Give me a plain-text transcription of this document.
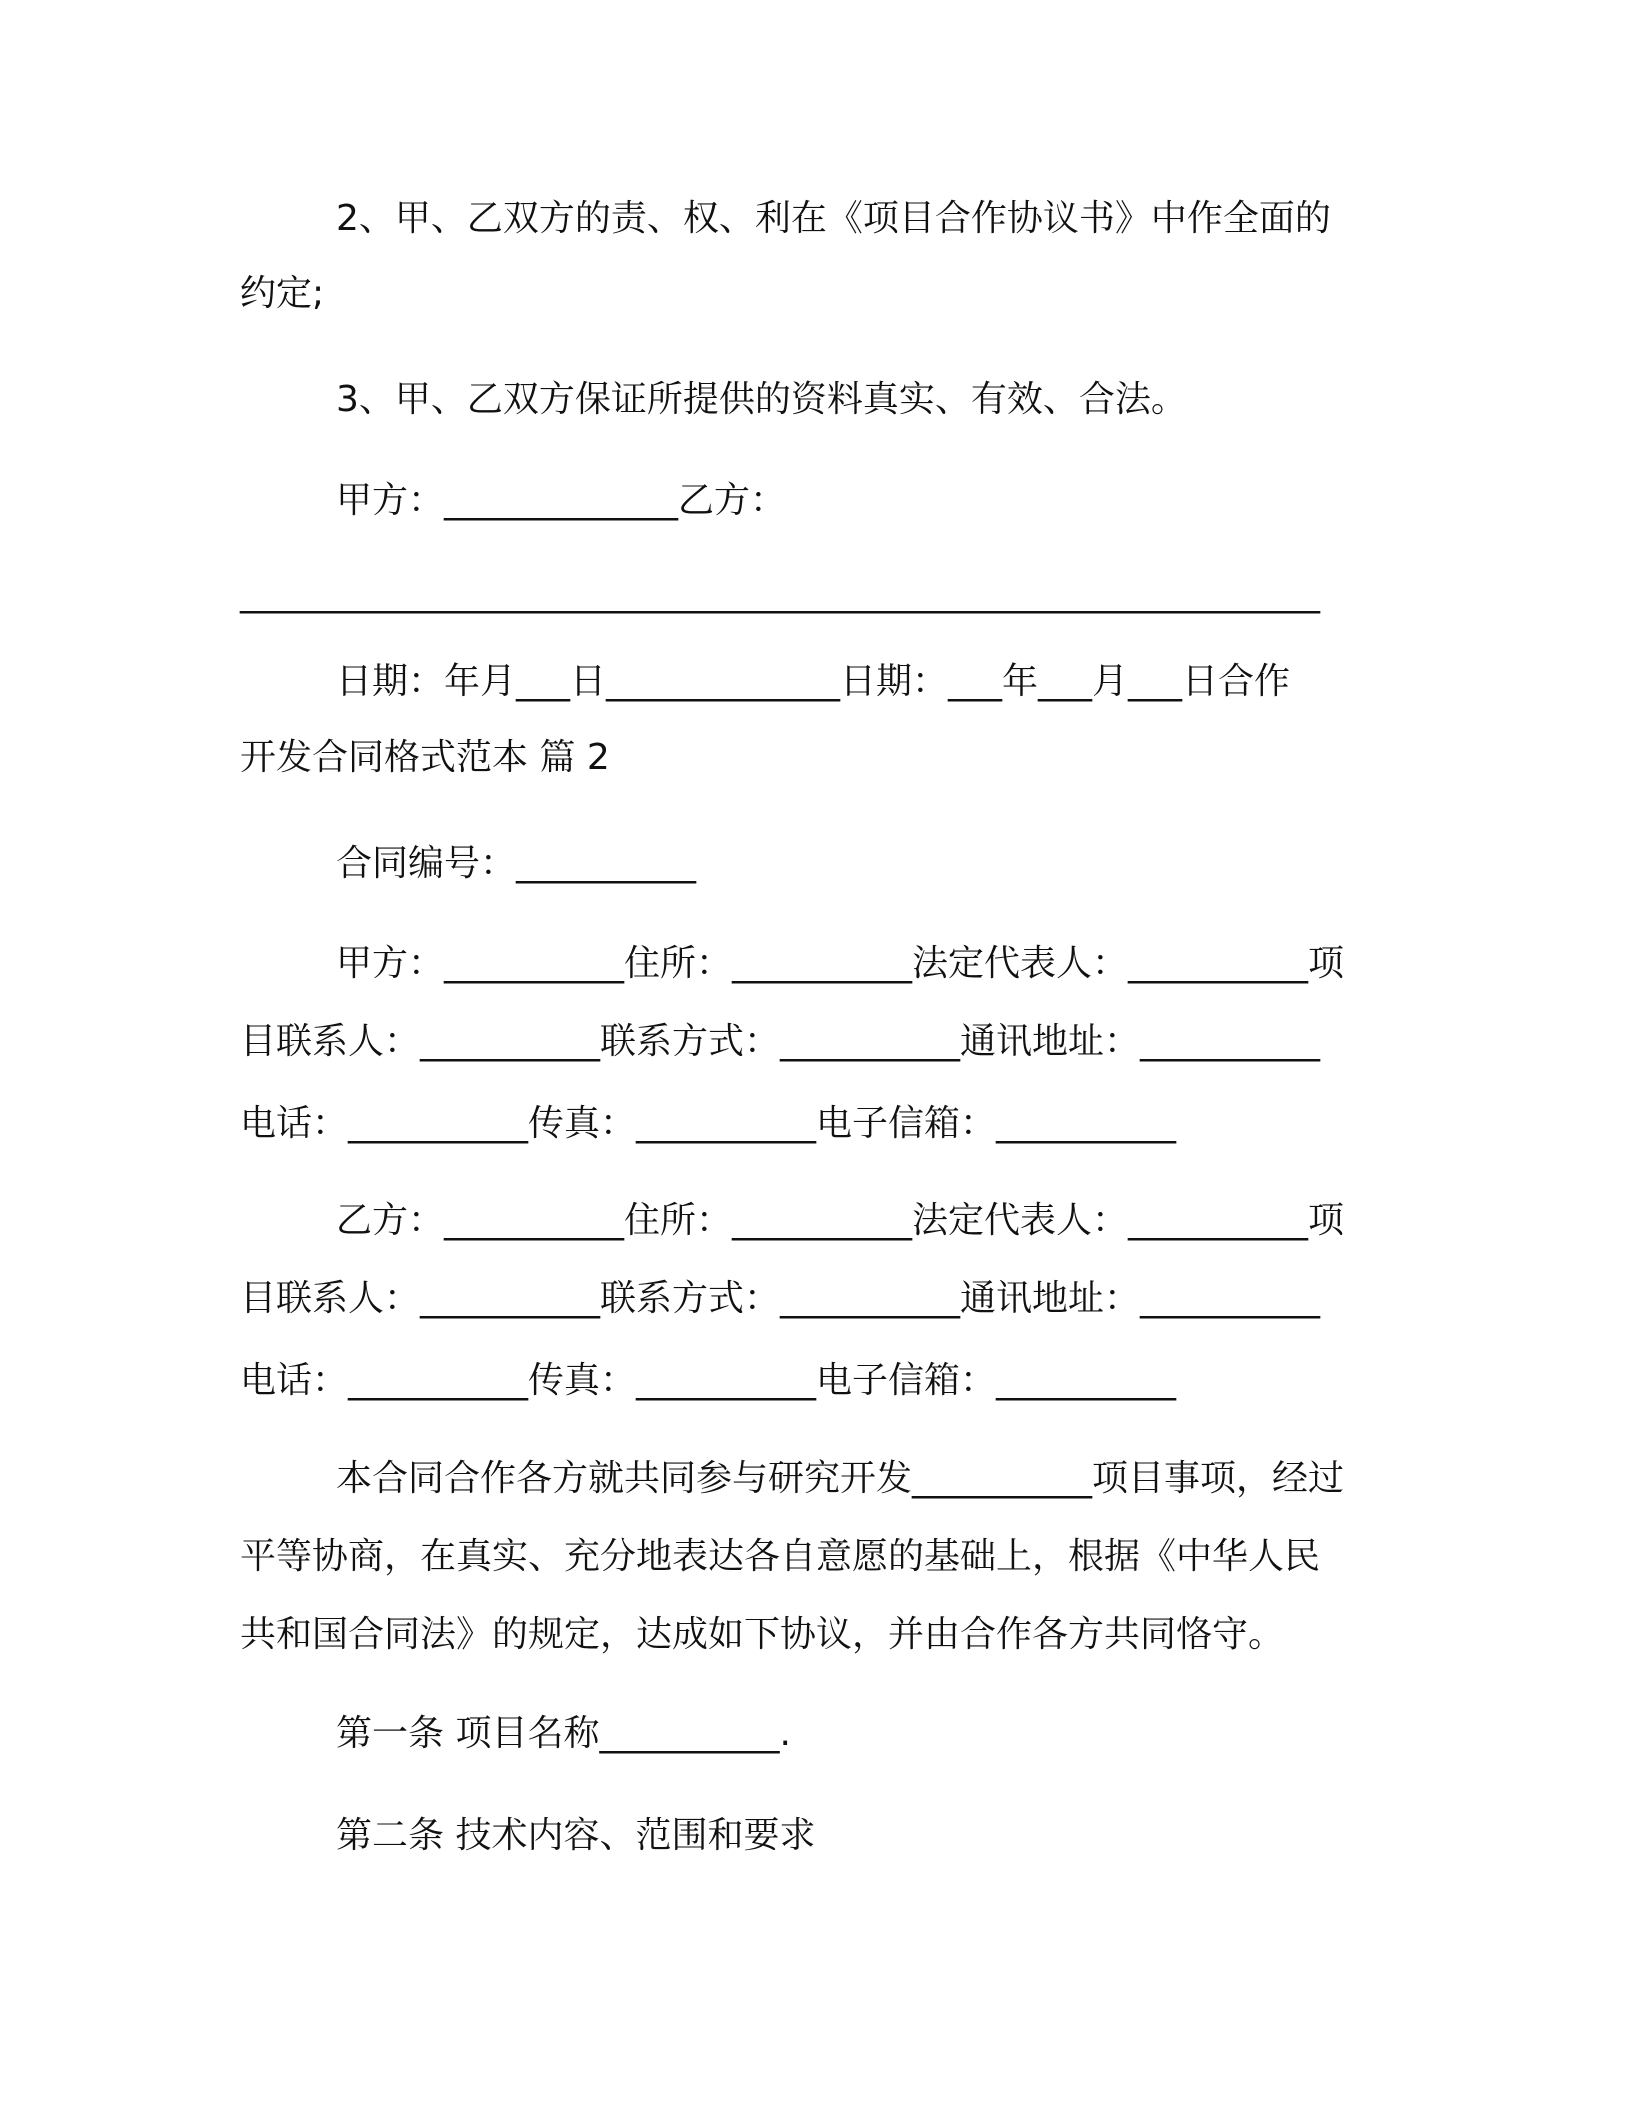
2、甲、乙双方的责、权、利在《项目合作协议书》中作全面的
约定;
3、甲、乙双方保证所提供的资料真实、有效、合法。
甲方：_____________乙方：
____________________________________________________________
日期：年月___日_____________日期：___年___月___日合作
开发合同格式范本 篇 2
合同编号：__________
甲方：__________住所：__________法定代表人：__________项
目联系人：__________联系方式：__________通讯地址：__________
电话：__________传真：__________电子信箱：__________
乙方：__________住所：__________法定代表人：__________项
目联系人：__________联系方式：__________通讯地址：__________
电话：__________传真：__________电子信箱：__________
本合同合作各方就共同参与研究开发__________项目事项，经过
平等协商，在真实、充分地表达各自意愿的基础上，根据《中华人民
共和国合同法》的规定，达成如下协议，并由合作各方共同恪守。
第一条 项目名称__________.
第二条 技术内容、范围和要求
